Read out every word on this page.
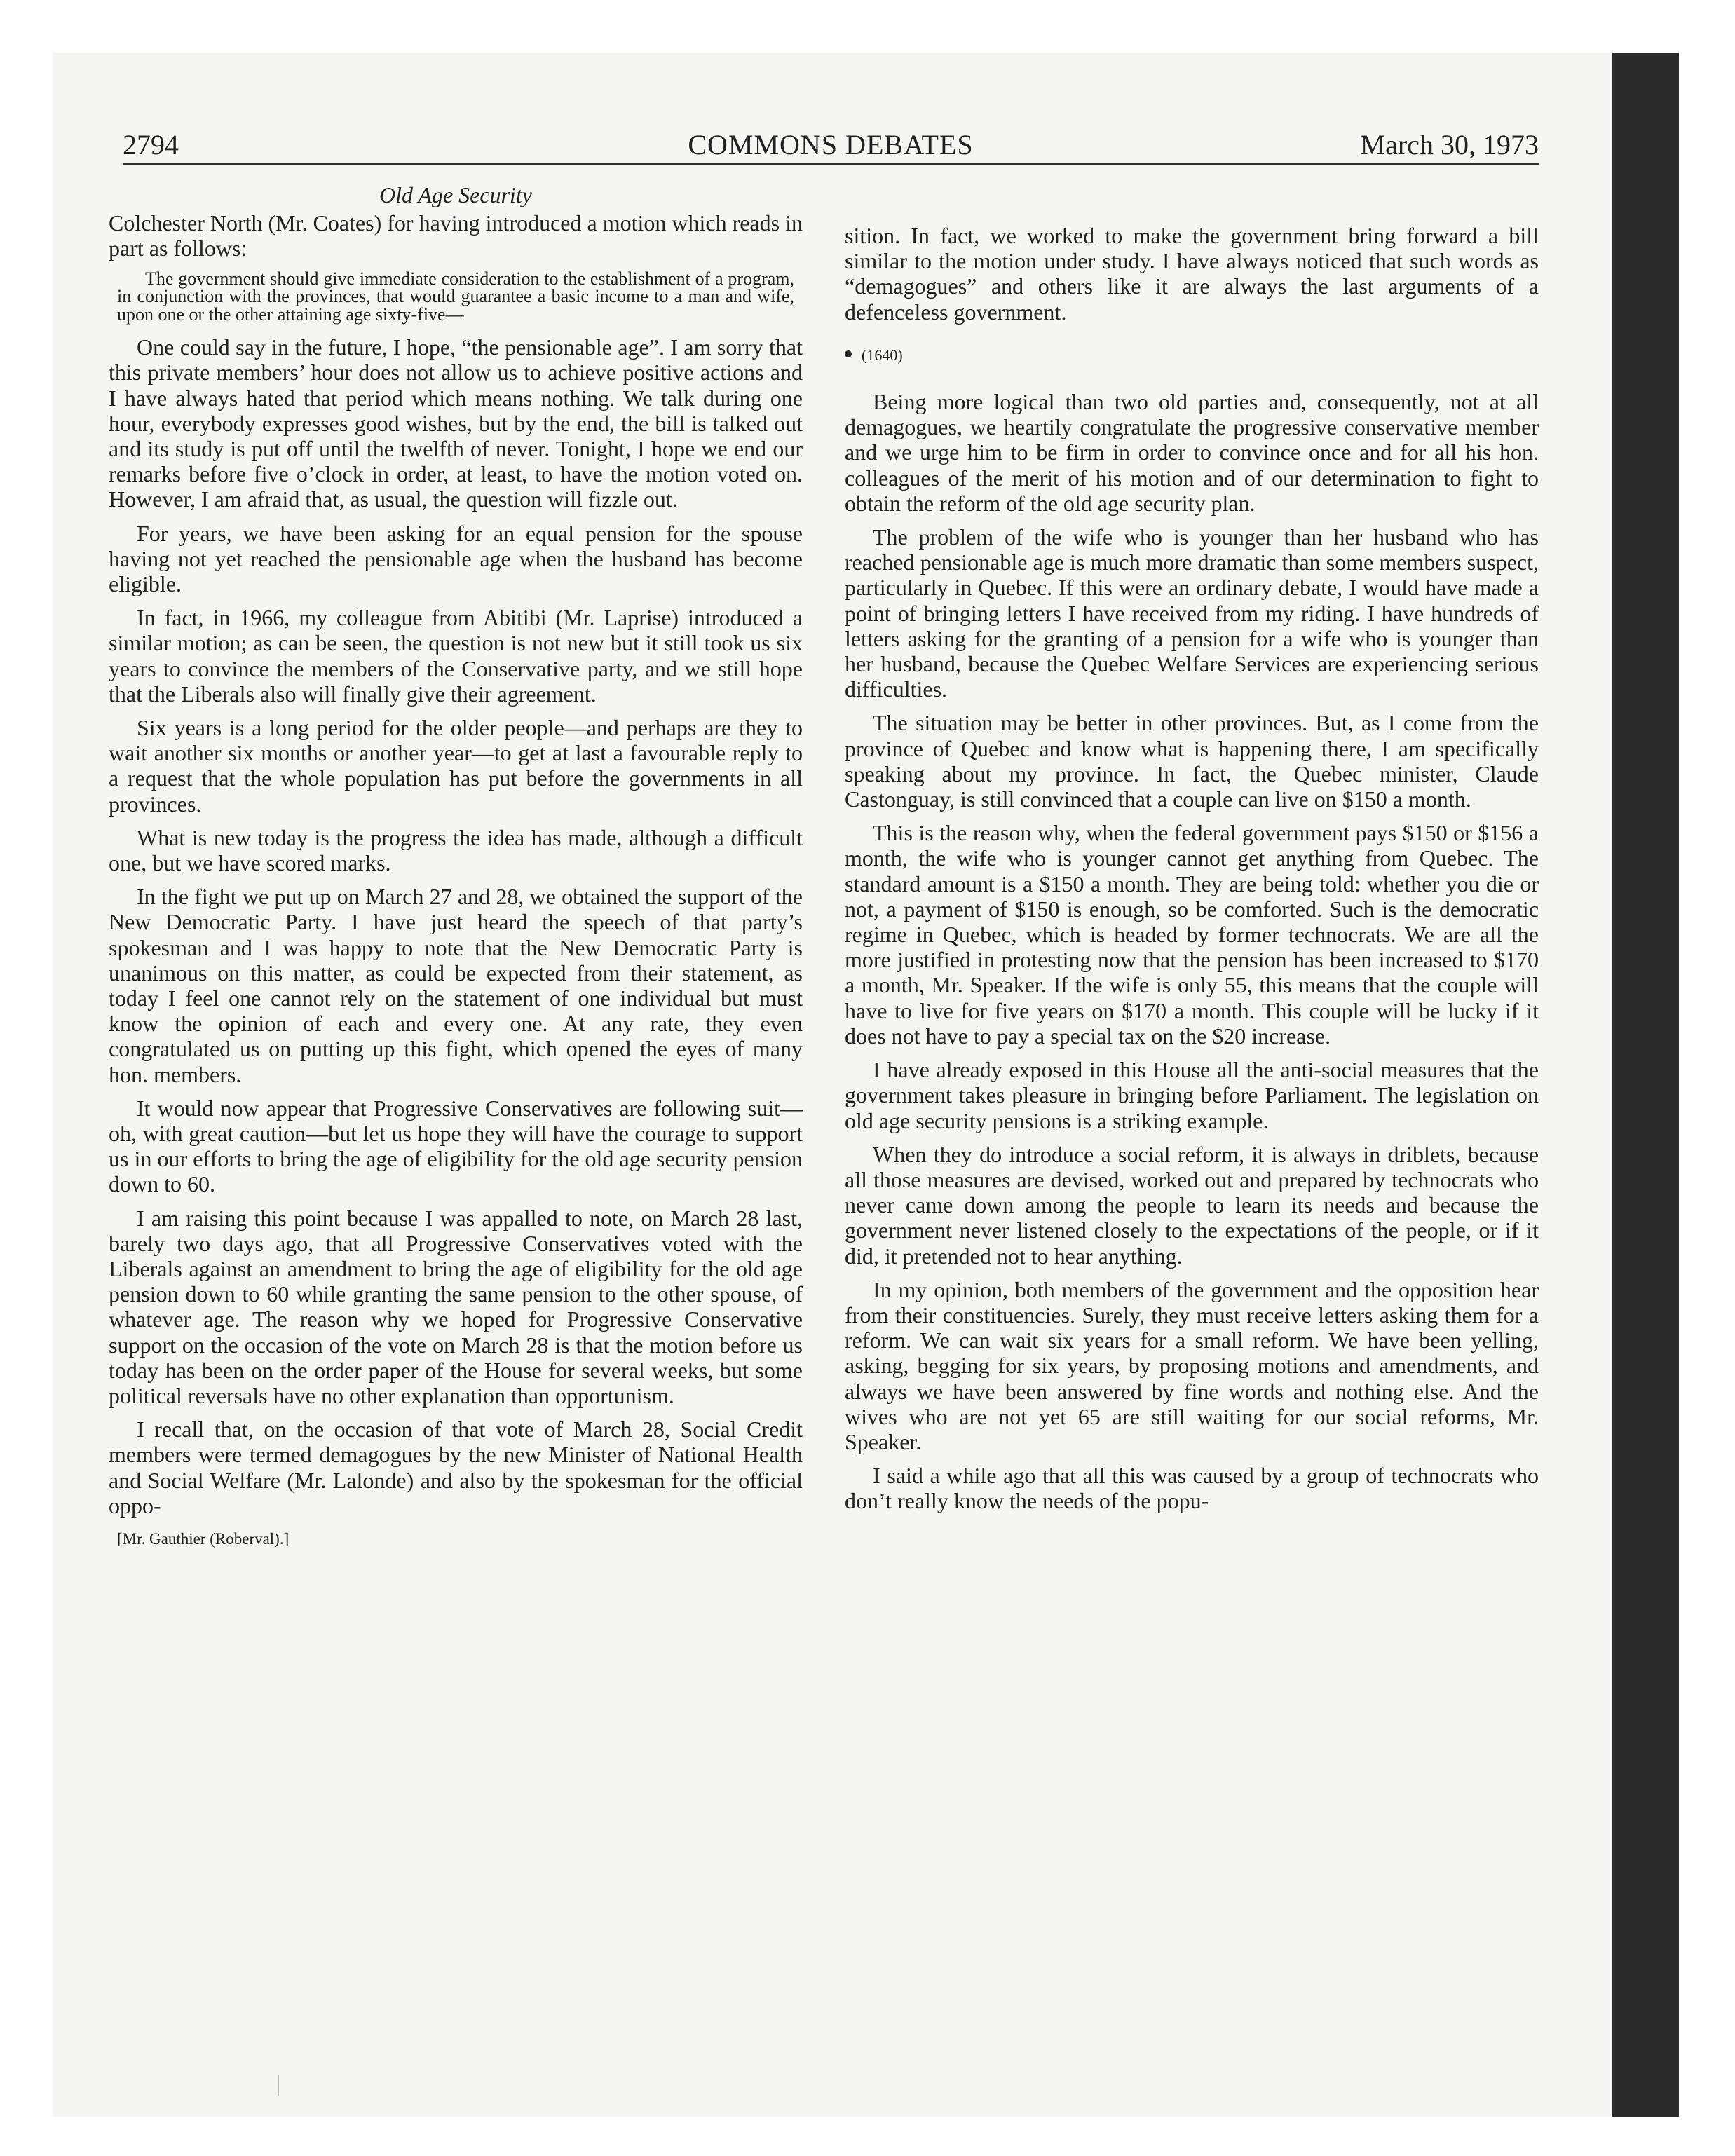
2794	COMMONS DEBATES	March 30, 1973
Old Age Security

Colchester North (Mr. Coates) for having introduced a motion which reads in part as follows:

The government should give immediate consideration to the establishment of a program, in conjunction with the provinces, that would guarantee a basic income to a man and wife, upon one or the other attaining age sixty-five—

One could say in the future, I hope, “the pensionable age”. I am sorry that this private members’ hour does not allow us to achieve positive actions and I have always hated that period which means nothing. We talk during one hour, everybody expresses good wishes, but by the end, the bill is talked out and its study is put off until the twelfth of never. Tonight, I hope we end our remarks before five o’clock in order, at least, to have the motion voted on. However, I am afraid that, as usual, the question will fizzle out.

For years, we have been asking for an equal pension for the spouse having not yet reached the pensionable age when the husband has become eligible.

In fact, in 1966, my colleague from Abitibi (Mr. Laprise) introduced a similar motion; as can be seen, the question is not new but it still took us six years to convince the members of the Conservative party, and we still hope that the Liberals also will finally give their agreement.

Six years is a long period for the older people—and perhaps are they to wait another six months or another year—to get at last a favourable reply to a request that the whole population has put before the governments in all provinces.

What is new today is the progress the idea has made, although a difficult one, but we have scored marks.

In the fight we put up on March 27 and 28, we obtained the support of the New Democratic Party. I have just heard the speech of that party’s spokesman and I was happy to note that the New Democratic Party is unanimous on this matter, as could be expected from their statement, as today I feel one cannot rely on the statement of one individual but must know the opinion of each and every one. At any rate, they even congratulated us on putting up this fight, which opened the eyes of many hon. members.

It would now appear that Progressive Conservatives are following suit—oh, with great caution—but let us hope they will have the courage to support us in our efforts to bring the age of eligibility for the old age security pension down to 60.

I am raising this point because I was appalled to note, on March 28 last, barely two days ago, that all Progressive Conservatives voted with the Liberals against an amendment to bring the age of eligibility for the old age pension down to 60 while granting the same pension to the other spouse, of whatever age. The reason why we hoped for Progressive Conservative support on the occasion of the vote on March 28 is that the motion before us today has been on the order paper of the House for several weeks, but some political reversals have no other explanation than opportunism.

I recall that, on the occasion of that vote of March 28, Social Credit members were termed demagogues by the new Minister of National Health and Social Welfare (Mr. Lalonde) and also by the spokesman for the official oppo-

[Mr. Gauthier (Roberval).]

sition. In fact, we worked to make the government bring forward a bill similar to the motion under study. I have always noticed that such words as “demagogues” and others like it are always the last arguments of a defenceless government.

(1640)

Being more logical than two old parties and, consequently, not at all demagogues, we heartily congratulate the progressive conservative member and we urge him to be firm in order to convince once and for all his hon. colleagues of the merit of his motion and of our determination to fight to obtain the reform of the old age security plan.

The problem of the wife who is younger than her husband who has reached pensionable age is much more dramatic than some members suspect, particularly in Quebec. If this were an ordinary debate, I would have made a point of bringing letters I have received from my riding. I have hundreds of letters asking for the granting of a pension for a wife who is younger than her husband, because the Quebec Welfare Services are experiencing serious difficulties.

The situation may be better in other provinces. But, as I come from the province of Quebec and know what is happening there, I am specifically speaking about my province. In fact, the Quebec minister, Claude Castonguay, is still convinced that a couple can live on $150 a month.

This is the reason why, when the federal government pays $150 or $156 a month, the wife who is younger cannot get anything from Quebec. The standard amount is a $150 a month. They are being told: whether you die or not, a payment of $150 is enough, so be comforted. Such is the democratic regime in Quebec, which is headed by former technocrats. We are all the more justified in protesting now that the pension has been increased to $170 a month, Mr. Speaker. If the wife is only 55, this means that the couple will have to live for five years on $170 a month. This couple will be lucky if it does not have to pay a special tax on the $20 increase.

I have already exposed in this House all the anti-social measures that the government takes pleasure in bringing before Parliament. The legislation on old age security pensions is a striking example.

When they do introduce a social reform, it is always in driblets, because all those measures are devised, worked out and prepared by technocrats who never came down among the people to learn its needs and because the government never listened closely to the expectations of the people, or if it did, it pretended not to hear anything.

In my opinion, both members of the government and the opposition hear from their constituencies. Surely, they must receive letters asking them for a reform. We can wait six years for a small reform. We have been yelling, asking, begging for six years, by proposing motions and amendments, and always we have been answered by fine words and nothing else. And the wives who are not yet 65 are still waiting for our social reforms, Mr. Speaker.

I said a while ago that all this was caused by a group of technocrats who don’t really know the needs of the popu-
